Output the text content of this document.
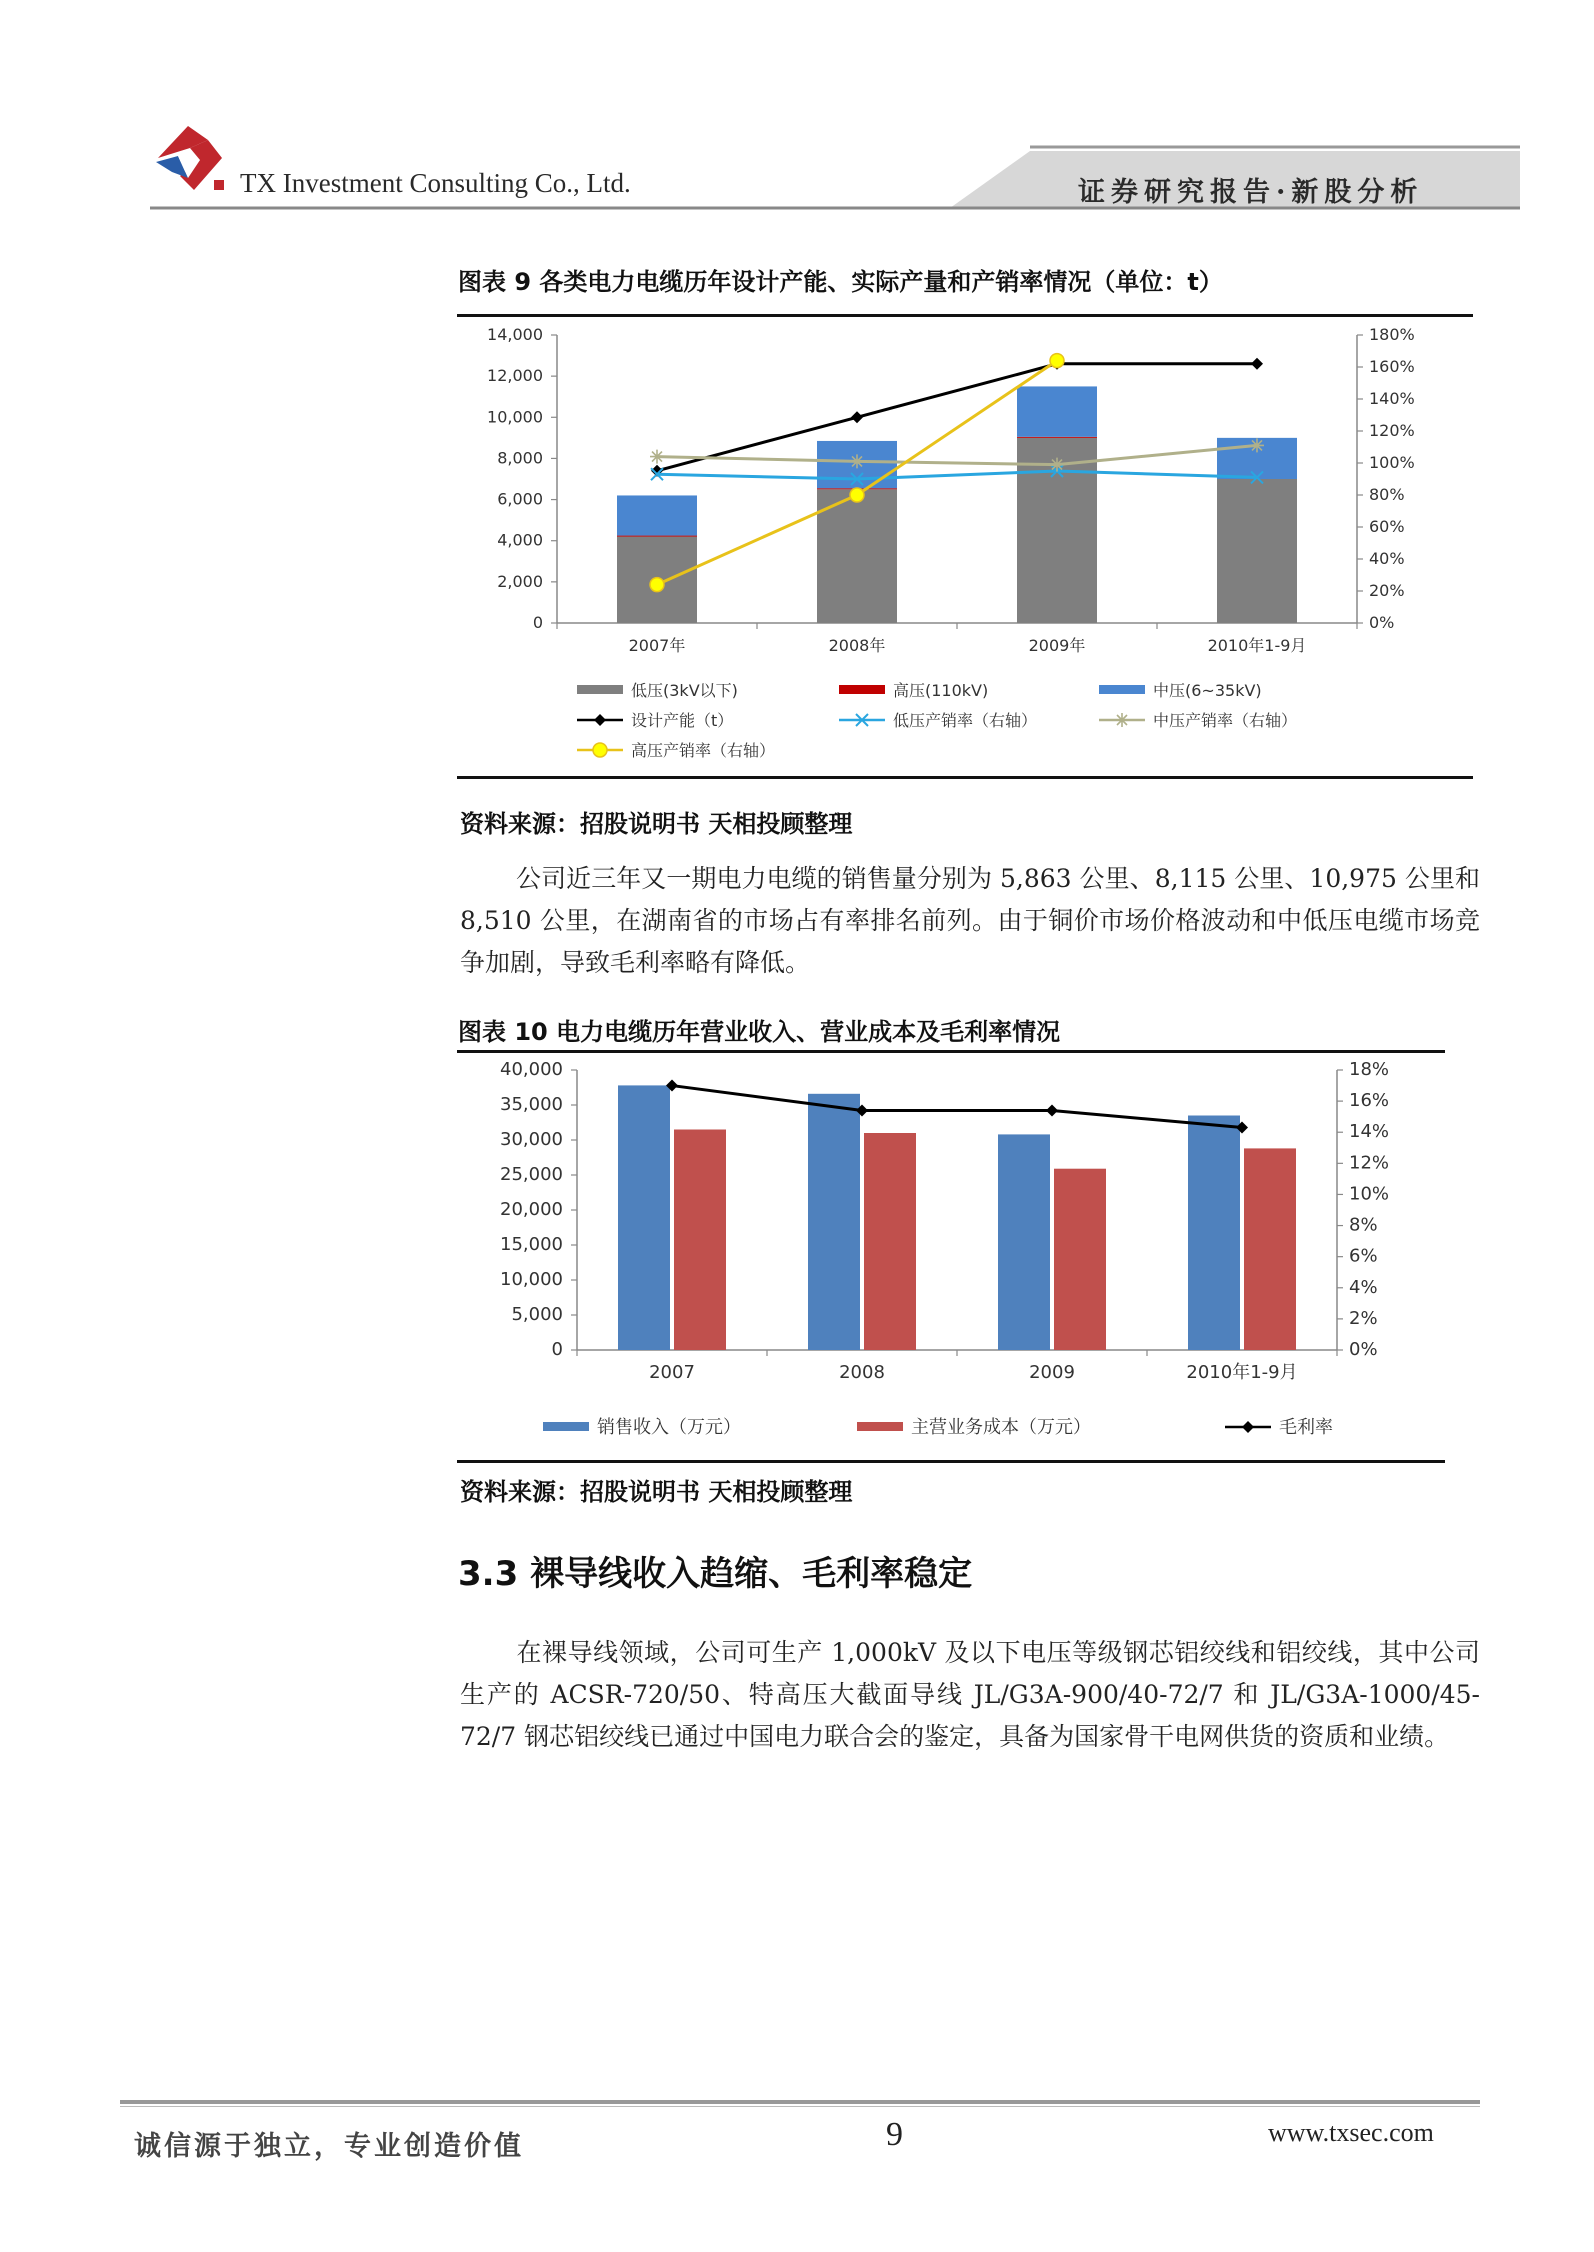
TX Investment Consulting Co., Ltd.	证券研究报告·新股分析
图表 9 各类电力电缆历年设计产能、实际产量和产销率情况（单位：t）
0
2,000
4,000
6,000
8,000
10,000
12,000
14,000
0%
20%
40%
60%
80%
100%
120%
140%
160%
180%
2007年	2008年	2009年	2010年1-9月
低压(3kV以下)	高压(110kV)	中压(6~35kV)
设计产能（t）	低压产销率（右轴）	中压产销率（右轴）
高压产销率（右轴）
资料来源：招股说明书 天相投顾整理
公司近三年又一期电力电缆的销售量分别为 5,863 公里、8,115 公里、10,975 公里和 8,510 公里，在湖南省的市场占有率排名前列。由于铜价市场价格波动和中低压电缆市场竞争加剧，导致毛利率略有降低。
图表 10 电力电缆历年营业收入、营业成本及毛利率情况
0
5,000
10,000
15,000
20,000
25,000
30,000
35,000
40,000
0%
2%
4%
6%
8%
10%
12%
14%
16%
18%
2007	2008	2009	2010年1-9月
销售收入（万元）	主营业务成本（万元）	毛利率
资料来源：招股说明书 天相投顾整理
3.3 裸导线收入趋缩、毛利率稳定
在裸导线领域，公司可生产 1,000kV 及以下电压等级钢芯铝绞线和铝绞线，其中公司生产的 ACSR-720/50、特高压大截面导线 JL/G3A-900/40-72/7 和 JL/G3A-1000/45-72/7 钢芯铝绞线已通过中国电力联合会的鉴定，具备为国家骨干电网供货的资质和业绩。
诚信源于独立，专业创造价值	9	www.txsec.com
